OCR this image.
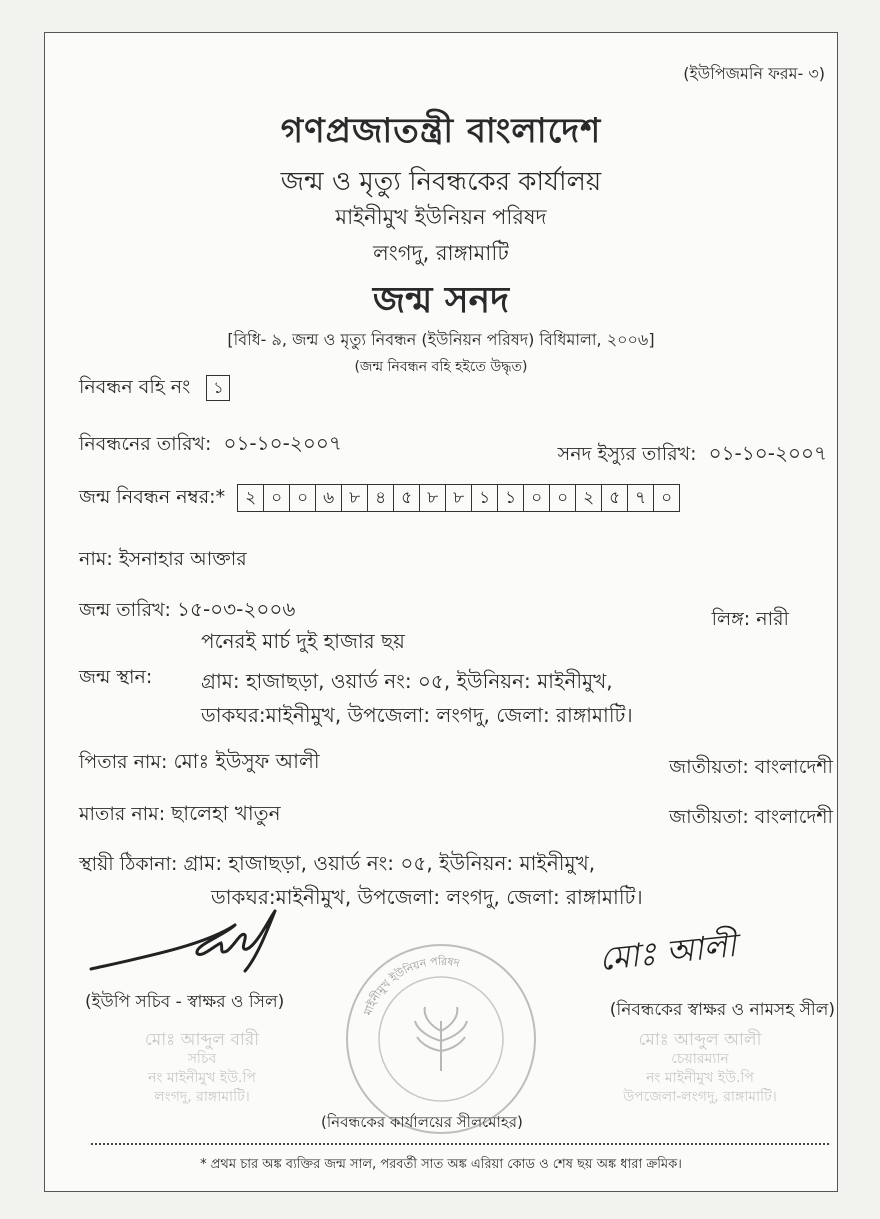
(ইউপিজমনি ফরম- ৩)
গণপ্রজাতন্ত্রী বাংলাদেশ
জন্ম ও মৃত্যু নিবন্ধকের কার্যালয়
মাইনীমুখ ইউনিয়ন পরিষদ
লংগদু, রাঙ্গামাটি
জন্ম সনদ
[বিধি- ৯, জন্ম ও মৃত্যু নিবন্ধন (ইউনিয়ন পরিষদ) বিধিমালা, ২০০৬]
(জন্ম নিবন্ধন বহি হইতে উদ্ধৃত)
নিবন্ধন বহি নং ১
নিবন্ধনের তারিখ: ০১-১০-২০০৭	সনদ ইস্যুর তারিখ: ০১-১০-২০০৭
জন্ম নিবন্ধন নম্বর:*	২ ০ ০ ৬ ৮ ৪ ৫ ৮ ৮ ১ ১ ০ ০ ২ ৫ ৭ ০
নাম: ইসনাহার আক্তার
জন্ম তারিখ: ১৫-০৩-২০০৬
পনেরই মার্চ দুই হাজার ছয়
লিঙ্গ: নারী
জন্ম স্থান: গ্রাম: হাজাছড়া, ওয়ার্ড নং: ০৫, ইউনিয়ন: মাইনীমুখ,
ডাকঘর:মাইনীমুখ, উপজেলা: লংগদু, জেলা: রাঙ্গামাটি।
পিতার নাম: মোঃ ইউসুফ আলী	জাতীয়তা: বাংলাদেশী
মাতার নাম: ছালেহা খাতুন	জাতীয়তা: বাংলাদেশী
স্থায়ী ঠিকানা: গ্রাম: হাজাছড়া, ওয়ার্ড নং: ০৫, ইউনিয়ন: মাইনীমুখ,
ডাকঘর:মাইনীমুখ, উপজেলা: লংগদু, জেলা: রাঙ্গামাটি।
মোঃ আলী
(ইউপি সচিব - স্বাক্ষর ও সিল)	(নিবন্ধকের স্বাক্ষর ও নামসহ সীল)
মোঃ আব্দুল বারী
সচিব
নং মাইনীমুখ ইউ.পি
লংগদু, রাঙ্গামাটি।
মোঃ আব্দুল আলী
চেয়ারম্যান
নং মাইনীমুখ ইউ.পি
উপজেলা-লংগদু, রাঙ্গামাটি।
মাইনীমুখ ইউনিয়ন পরিষদ
(নিবন্ধকের কার্যালয়ের সীলমোহর)
* প্রথম চার অঙ্ক ব্যক্তির জন্ম সাল, পরবর্তী সাত অঙ্ক এরিয়া কোড ও শেষ ছয় অঙ্ক ধারা ক্রমিক।
